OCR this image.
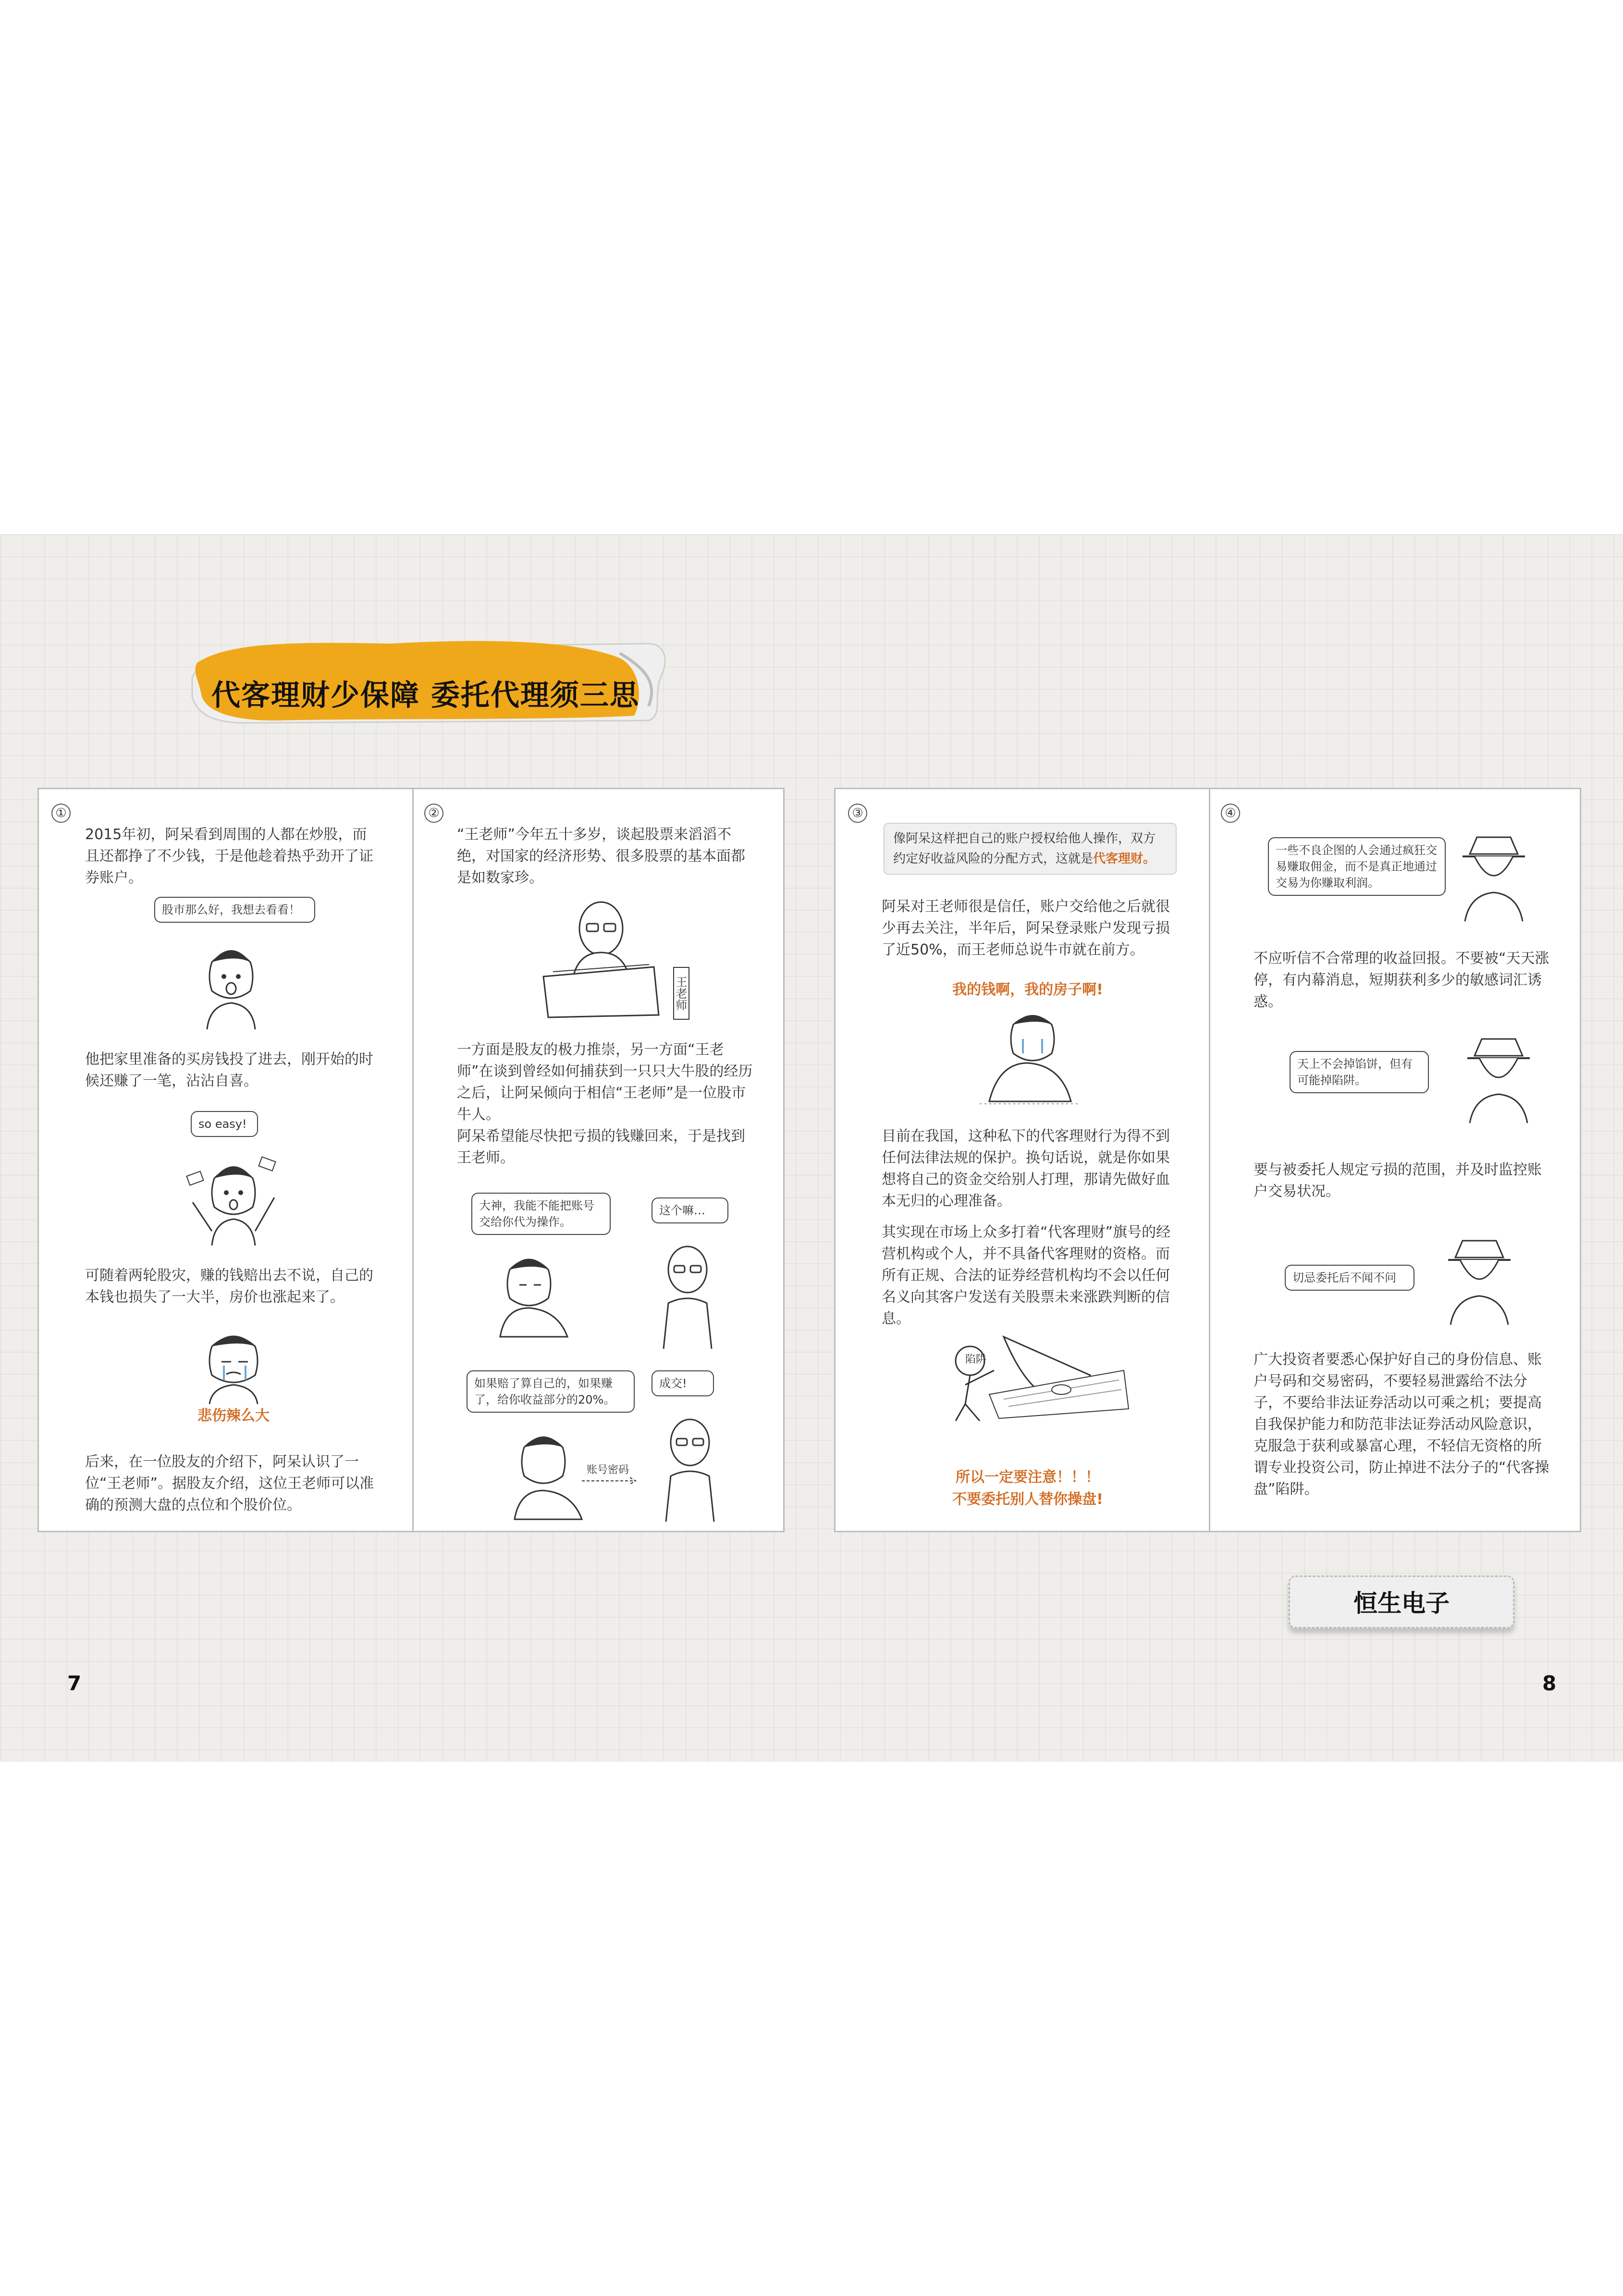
代客理财少保障 委托代理须三思
①
2015年初，阿呆看到周围的人都在炒股，而且还都挣了不少钱，于是他趁着热乎劲开了证券账户。
股市那么好，我想去看看！
他把家里准备的买房钱投了进去，刚开始的时候还赚了一笔，沾沾自喜。
so easy!
可随着两轮股灾，赚的钱赔出去不说，自己的本钱也损失了一大半，房价也涨起来了。
悲伤辣么大
后来，在一位股友的介绍下，阿呆认识了一位“王老师”。据股友介绍，这位王老师可以准确的预测大盘的点位和个股价位。
②
“王老师”今年五十多岁，谈起股票来滔滔不绝，对国家的经济形势、很多股票的基本面都是如数家珍。
王老师
一方面是股友的极力推崇，另一方面“王老师”在谈到曾经如何捕获到一只只大牛股的经历之后，让阿呆倾向于相信“王老师”是一位股市牛人。
阿呆希望能尽快把亏损的钱赚回来，于是找到王老师。
大神，我能不能把账号交给你代为操作。
这个嘛…
如果赔了算自己的，如果赚了，给你收益部分的20%。
成交!
账号密码
③
像阿呆这样把自己的账户授权给他人操作，双方约定好收益风险的分配方式，这就是代客理财。
阿呆对王老师很是信任，账户交给他之后就很少再去关注，半年后，阿呆登录账户发现亏损了近50%，而王老师总说牛市就在前方。
我的钱啊，我的房子啊!
目前在我国，这种私下的代客理财行为得不到任何法律法规的保护。换句话说，就是你如果想将自己的资金交给别人打理，那请先做好血本无归的心理准备。
其实现在市场上众多打着“代客理财”旗号的经营机构或个人，并不具备代客理财的资格。而所有正规、合法的证券经营机构均不会以任何名义向其客户发送有关股票未来涨跌判断的信息。
陷阱
所以一定要注意！！！
不要委托别人替你操盘!
④
一些不良企图的人会通过疯狂交易赚取佣金，而不是真正地通过交易为你赚取利润。
不应听信不合常理的收益回报。不要被“天天涨停，有内幕消息，短期获利多少的敏感词汇诱惑。
天上不会掉馅饼，但有可能掉陷阱。
要与被委托人规定亏损的范围，并及时监控账户交易状况。
切忌委托后不闻不问
广大投资者要悉心保护好自己的身份信息、账户号码和交易密码，不要轻易泄露给不法分子，不要给非法证券活动以可乘之机；要提高自我保护能力和防范非法证券活动风险意识，克服急于获利或暴富心理，不轻信无资格的所谓专业投资公司，防止掉进不法分子的“代客操盘”陷阱。
恒生电子
7	8
